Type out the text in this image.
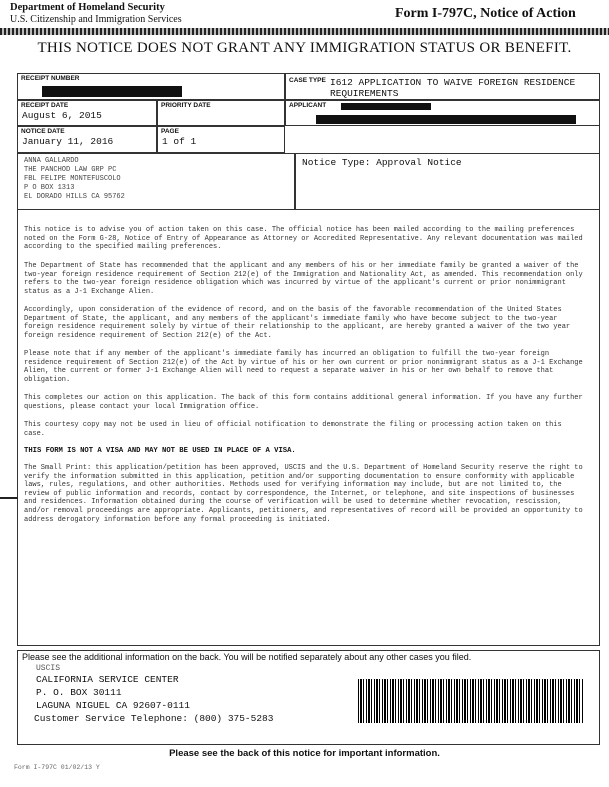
Department of Homeland Security
U.S. Citizenship and Immigration Services	Form I-797C, Notice of Action
THIS NOTICE DOES NOT GRANT ANY IMMIGRATION STATUS OR BENEFIT.
RECEIPT NUMBER	CASE TYPE I612 APPLICATION TO WAIVE FOREIGN RESIDENCE REQUIREMENTS
RECEIPT DATE
August 6, 2015
PRIORITY DATE	APPLICANT
NOTICE DATE
January 11, 2016
PAGE
1 of 1
ANNA GALLARDO
THE PANCHOD LAW GRP PC
FBL FELIPE MONTEFUSCOLO
P O BOX 1313
EL DORADO HILLS CA 95762
Notice Type: Approval Notice
This notice is to advise you of action taken on this case. The official notice has been mailed according to the mailing preferences noted on the Form G-28, Notice of Entry of Appearance as Attorney or Accredited Representative. Any relevant documentation was mailed according to the specified mailing preferences.
The Department of State has recommended that the applicant and any members of his or her immediate family be granted a waiver of the two-year foreign residence requirement of Section 212(e) of the Immigration and Nationality Act, as amended. This recommendation only refers to the two-year foreign residence obligation which was incurred by virtue of the applicant's current or prior nonimmigrant status as a J-1 Exchange Alien.
Accordingly, upon consideration of the evidence of record, and on the basis of the favorable recommendation of the United States Department of State, the applicant, and any members of the applicant's immediate family who have become subject to the two-year foreign residence requirement solely by virtue of their relationship to the applicant, are hereby granted a waiver of the two year foreign residence requirement of Section 212(e) of the Act.
Please note that if any member of the applicant's immediate family has incurred an obligation to fulfill the two-year foreign residence requirement of Section 212(e) of the Act by virtue of his or her own current or prior nonimmigrant status as a J-1 Exchange Alien, the current or former J-1 Exchange Alien will need to request a separate waiver in his or her own behalf to remove that obligation.
This completes our action on this application. The back of this form contains additional general information. If you have any further questions, please contact your local Immigration office.
This courtesy copy may not be used in lieu of official notification to demonstrate the filing or processing action taken on this case.
THIS FORM IS NOT A VISA AND MAY NOT BE USED IN PLACE OF A VISA.
The Small Print: this application/petition has been approved, USCIS and the U.S. Department of Homeland Security reserve the right to verify the information submitted in this application, petition and/or supporting documentation to ensure conformity with applicable laws, rules, regulations, and other authorities. Methods used for verifying information may include, but are not limited to, the review of public information and records, contact by correspondence, the Internet, or telephone, and site inspections of businesses and residences. Information obtained during the course of verification will be used to determine whether revocation, rescission, and/or removal proceedings are appropriate. Applicants, petitioners, and representatives of record will be provided an opportunity to address derogatory information before any formal proceeding is initiated.
Please see the additional information on the back. You will be notified separately about any other cases you filed.
USCIS
CALIFORNIA SERVICE CENTER
P. O. BOX 30111
LAGUNA NIGUEL CA 92607-0111
Customer Service Telephone: (800) 375-5283
Please see the back of this notice for important information.
Form I-797C 01/02/13 Y
